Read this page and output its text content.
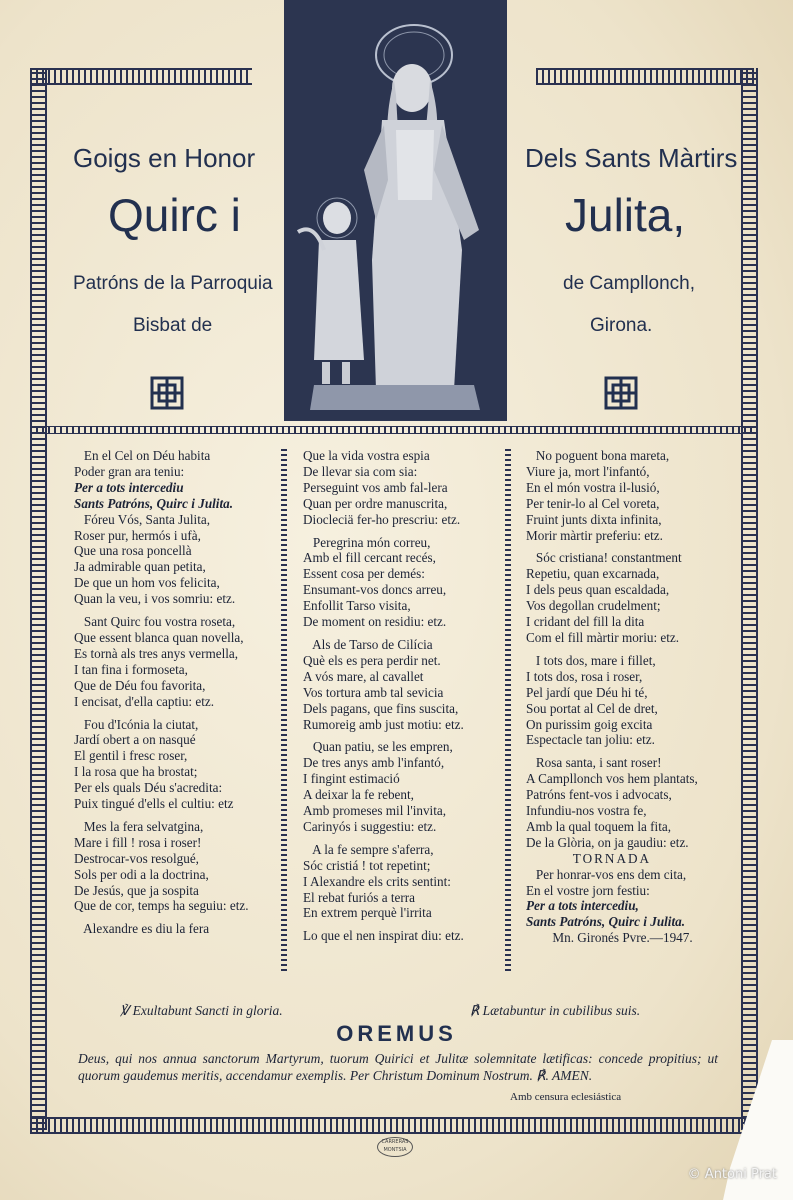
Goigs en Honor	Dels Sants Màrtirs
Quirc i	Julita,
Patróns de la Parroquia	de Campllonch,
Bisbat de	Girona.
En el Cel on Déu habita
Poder gran ara teniu:
Per a tots intercediu
Sants Patróns, Quirc i Julita.
Fóreu Vós, Santa Julita,
Roser pur, hermós i ufà,
Que una rosa poncellà
Ja admirable quan petita,
De que un hom vos felicita,
Quan la veu, i vos somriu: etz.
Sant Quirc fou vostra roseta,
Que essent blanca quan novella,
Es tornà als tres anys vermella,
I tan fina i formoseta,
Que de Déu fou favorita,
I encisat, d'ella captiu: etz.
Fou d'Icónia la ciutat,
Jardí obert a on nasqué
El gentil i fresc roser,
I la rosa que ha brostat;
Per els quals Déu s'acredita:
Puix tingué d'ells el cultiu: etz
Mes la fera selvatgina,
Mare i fill ! rosa i roser!
Destrocar-vos resolgué,
Sols per odi a la doctrina,
De Jesús, que ja sospita
Que de cor, temps ha seguiu: etz.
Alexandre es diu la fera
Que la vida vostra espia
De llevar sia com sia:
Perseguint vos amb fal-lera
Quan per ordre manuscrita,
Diocleciä fer-ho prescriu: etz.
Peregrina món correu,
Amb el fill cercant recés,
Essent cosa per demés:
Ensumant-vos doncs arreu,
Enfollit Tarso visita,
De moment on residiu: etz.
Als de Tarso de Cilícia
Què els es pera perdir net.
A vós mare, al cavallet
Vos tortura amb tal sevicia
Dels pagans, que fins suscita,
Rumoreig amb just motiu: etz.
Quan patiu, se les empren,
De tres anys amb l'infantó,
I fingint estimació
A deixar la fe rebent,
Amb promeses mil l'invita,
Carinyós i suggestiu: etz.
A la fe sempre s'aferra,
Sóc cristiá ! tot repetint;
I Alexandre els crits sentint:
El rebat furiós a terra
En extrem perquè l'irrita
Lo que el nen inspirat diu: etz.
No poguent bona mareta,
Viure ja, mort l'infantó,
En el món vostra il-lusió,
Per tenir-lo al Cel voreta,
Fruint junts dixta infinita,
Morir màrtir preferiu: etz.
Sóc cristiana! constantment
Repetiu, quan excarnada,
I dels peus quan escaldada,
Vos degollan crudelment;
I cridant del fill la dita
Com el fill màrtir moriu: etz.
I tots dos, mare i fillet,
I tots dos, rosa i roser,
Pel jardí que Déu hi té,
Sou portat al Cel de dret,
On purissim goig excita
Espectacle tan joliu: etz.
Rosa santa, i sant roser!
A Campllonch vos hem plantats,
Patróns fent-vos i advocats,
Infundiu-nos vostra fe,
Amb la qual toquem la fita,
De la Glòria, on ja gaudiu: etz.
TORNADA
Per honrar-vos ens dem cita,
En el vostre jorn festiu:
Per a tots intercediu,
Sants Patróns, Quirc i Julita.
Mn. Gironés Pvre.—1947.
℣ Exultabunt Sancti in gloria.	℟ Lætabuntur in cubilibus suis.
OREMUS
Deus, qui nos annua sanctorum Martyrum, tuorum Quirici et Julitæ solemnitate lætificas: concede propitius; ut quorum gaudemus meritis, accendamur exemplis. Per Christum Dominum Nostrum. ℟. AMEN.
Amb censura eclesiástica
CARRERAS MONTSIA
© Antoni Prat
